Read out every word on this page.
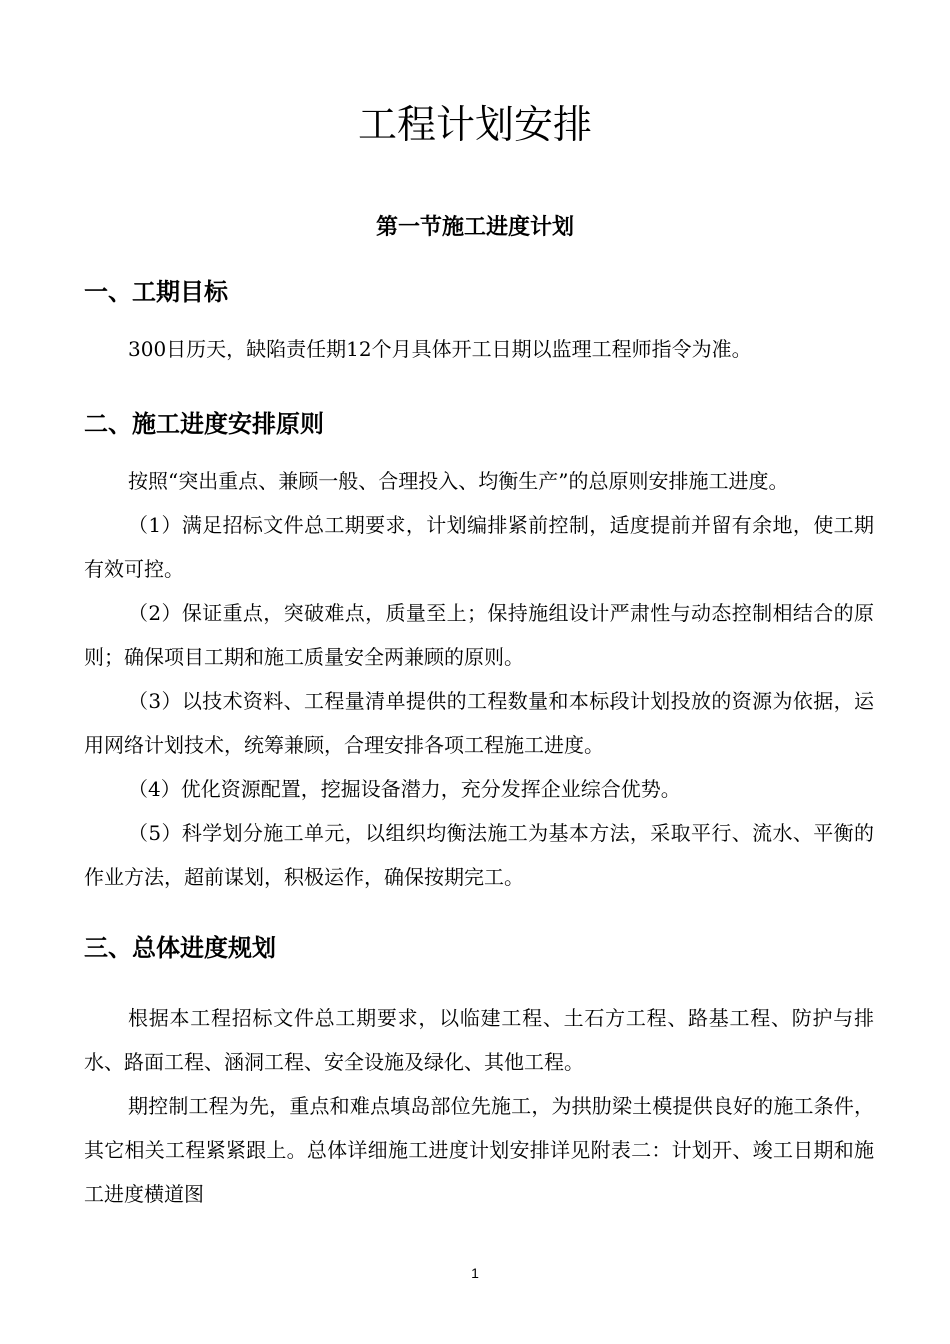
工程计划安排
第一节施工进度计划
一、工期目标

300日历天，缺陷责任期12个月具体开工日期以监理工程师指令为准。

二、施工进度安排原则

按照“突出重点、兼顾一般、合理投入、均衡生产”的总原则安排施工进度。

（1）满足招标文件总工期要求，计划编排紧前控制，适度提前并留有余地，使工期有效可控。

（2）保证重点，突破难点，质量至上；保持施组设计严肃性与动态控制相结合的原则；确保项目工期和施工质量安全两兼顾的原则。

（3）以技术资料、工程量清单提供的工程数量和本标段计划投放的资源为依据，运用网络计划技术，统筹兼顾，合理安排各项工程施工进度。

（4）优化资源配置，挖掘设备潜力，充分发挥企业综合优势。

（5）科学划分施工单元，以组织均衡法施工为基本方法，采取平行、流水、平衡的作业方法，超前谋划，积极运作，确保按期完工。

三、总体进度规划

根据本工程招标文件总工期要求，以临建工程、土石方工程、路基工程、防护与排水、路面工程、涵洞工程、安全设施及绿化、其他工程。

期控制工程为先，重点和难点填岛部位先施工，为拱肋梁土模提供良好的施工条件，其它相关工程紧紧跟上。总体详细施工进度计划安排详见附表二：计划开、竣工日期和施工进度横道图

1
